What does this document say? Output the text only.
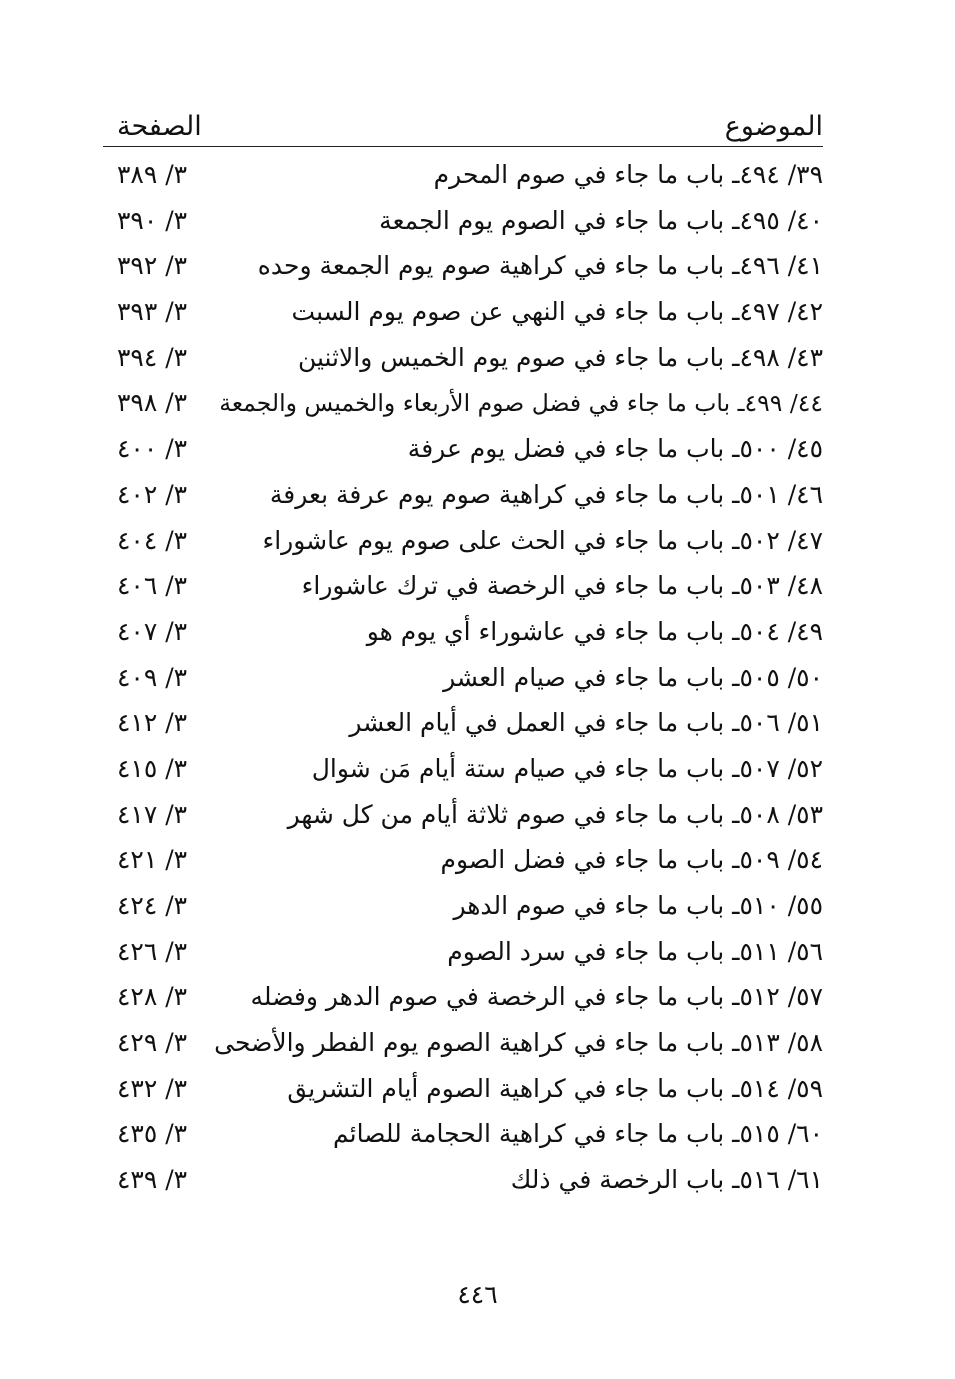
الموضوع
الصفحة
٣٩/ ٤٩٤ـ باب ما جاء في صوم المحرم
٣/ ٣٨٩
٤٠/ ٤٩٥ـ باب ما جاء في الصوم يوم الجمعة
٣/ ٣٩٠
٤١/ ٤٩٦ـ باب ما جاء في كراهية صوم يوم الجمعة وحده
٣/ ٣٩٢
٤٢/ ٤٩٧ـ باب ما جاء في النهي عن صوم يوم السبت
٣/ ٣٩٣
٤٣/ ٤٩٨ـ باب ما جاء في صوم يوم الخميس والاثنين
٣/ ٣٩٤
٤٤/ ٤٩٩ـ باب ما جاء في فضل صوم الأربعاء والخميس والجمعة
٣/ ٣٩٨
٤٥/ ٥٠٠ـ باب ما جاء في فضل يوم عرفة
٣/ ٤٠٠
٤٦/ ٥٠١ـ باب ما جاء في كراهية صوم يوم عرفة بعرفة
٣/ ٤٠٢
٤٧/ ٥٠٢ـ باب ما جاء في الحث على صوم يوم عاشوراء
٣/ ٤٠٤
٤٨/ ٥٠٣ـ باب ما جاء في الرخصة في ترك عاشوراء
٣/ ٤٠٦
٤٩/ ٥٠٤ـ باب ما جاء في عاشوراء أي يوم هو
٣/ ٤٠٧
٥٠/ ٥٠٥ـ باب ما جاء في صيام العشر
٣/ ٤٠٩
٥١/ ٥٠٦ـ باب ما جاء في العمل في أيام العشر
٣/ ٤١٢
٥٢/ ٥٠٧ـ باب ما جاء في صيام ستة أيام مَن شوال
٣/ ٤١٥
٥٣/ ٥٠٨ـ باب ما جاء في صوم ثلاثة أيام من كل شهر
٣/ ٤١٧
٥٤/ ٥٠٩ـ باب ما جاء في فضل الصوم
٣/ ٤٢١
٥٥/ ٥١٠ـ باب ما جاء في صوم الدهر
٣/ ٤٢٤
٥٦/ ٥١١ـ باب ما جاء في سرد الصوم
٣/ ٤٢٦
٥٧/ ٥١٢ـ باب ما جاء في الرخصة في صوم الدهر وفضله
٣/ ٤٢٨
٥٨/ ٥١٣ـ باب ما جاء في كراهية الصوم يوم الفطر والأضحى
٣/ ٤٢٩
٥٩/ ٥١٤ـ باب ما جاء في كراهية الصوم أيام التشريق
٣/ ٤٣٢
٦٠/ ٥١٥ـ باب ما جاء في كراهية الحجامة للصائم
٣/ ٤٣٥
٦١/ ٥١٦ـ باب الرخصة في ذلك
٣/ ٤٣٩
٤٤٦
